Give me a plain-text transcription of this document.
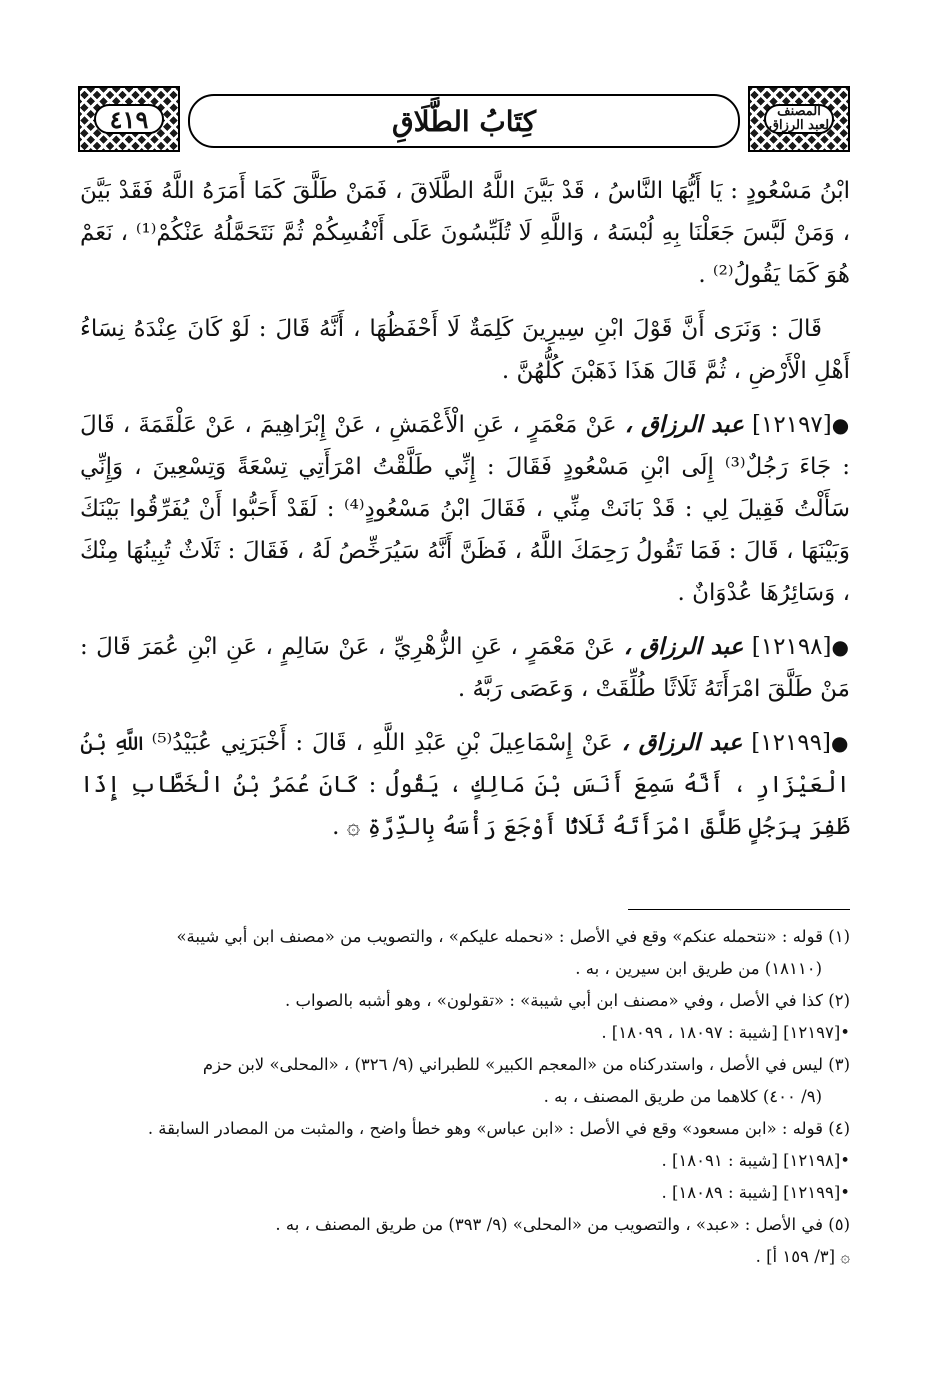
٤١٩	كِتَابُ الطَّلَاقِ	المصنف لعبد الرزاق

ابْنُ مَسْعُودٍ : يَا أَيُّهَا النَّاسُ ، قَدْ بَيَّنَ اللَّهُ الطَّلَاقَ ، فَمَنْ طَلَّقَ كَمَا أَمَرَهُ اللَّهُ فَقَدْ بَيَّنَ ، وَمَنْ لَبَّسَ جَعَلْنَا بِهِ لُبْسَهُ ، وَاللَّهِ لَا تُلَبِّسُونَ عَلَى أَنْفُسِكُمْ ثُمَّ نَتَحَمَّلُهُ عَنْكُمْ⁽¹⁾ ، نَعَمْ هُوَ كَمَا يَقُولُ⁽²⁾ .

قَالَ : وَنَرَى أَنَّ قَوْلَ ابْنِ سِيرِينَ كَلِمَةٌ لَا أَحْفَظُهَا ، أَنَّهُ قَالَ : لَوْ كَانَ عِنْدَهُ نِسَاءُ أَهْلِ الْأَرْضِ ، ثُمَّ قَالَ هَذَا ذَهَبْنَ كُلُّهُنَّ .

●[١٢١٩٧] عبد الرزاق ، عَنْ مَعْمَرٍ ، عَنِ الْأَعْمَشِ ، عَنْ إِبْرَاهِيمَ ، عَنْ عَلْقَمَةَ ، قَالَ : جَاءَ رَجُلٌ⁽³⁾ إِلَى ابْنِ مَسْعُودٍ فَقَالَ : إِنِّي طَلَّقْتُ امْرَأَتِي تِسْعَةً وَتِسْعِينَ ، وَإِنِّي سَأَلْتُ فَقِيلَ لِي : قَدْ بَانَتْ مِنِّي ، فَقَالَ ابْنُ مَسْعُودٍ⁽⁴⁾ : لَقَدْ أَحَبُّوا أَنْ يُفَرِّقُوا بَيْنَكَ وَبَيْنَهَا ، قَالَ : فَمَا تَقُولُ رَحِمَكَ اللَّهُ ، فَظَنَّ أَنَّهُ سَيُرَخِّصُ لَهُ ، فَقَالَ : ثَلَاثٌ تُبِينُهَا مِنْكَ ، وَسَائِرُهَا عُدْوَانٌ .

●[١٢١٩٨] عبد الرزاق ، عَنْ مَعْمَرٍ ، عَنِ الزُّهْرِيِّ ، عَنْ سَالِمٍ ، عَنِ ابْنِ عُمَرَ قَالَ : مَنْ طَلَّقَ امْرَأَتَهُ ثَلَاثًا طُلِّقَتْ ، وَعَصَى رَبَّهُ .

●[١٢١٩٩] عبد الرزاق ، عَنْ إِسْمَاعِيلَ بْنِ عَبْدِ اللَّهِ ، قَالَ : أَخْبَرَنِي عُبَيْدُ⁽⁵⁾ اللَّهِ بْنُ الْعَيْزَارِ ، أَنَّهُ سَمِعَ أَنَسَ بْنَ مَالِكٍ ، يَقُولُ : كَانَ عُمَرُ بْنُ الْخَطَّابِ إِذَا ظَفِرَ بِرَجُلٍ طَلَّقَ امْرَأَتَهُ ثَلَاثًا أَوْجَعَ رَأْسَهُ بِالدِّرَّةِ ۞ .

(١) قوله : «نتحمله عنكم» وقع في الأصل : «نحمله عليكم» ، والتصويب من «مصنف ابن أبي شيبة»
(١٨١١٠) من طريق ابن سيرين ، به .
(٢) كذا في الأصل ، وفي «مصنف ابن أبي شيبة» : «تقولون» ، وهو أشبه بالصواب .
•[١٢١٩٧] [شيبة : ١٨٠٩٧ ، ١٨٠٩٩] .
(٣) ليس في الأصل ، واستدركناه من «المعجم الكبير» للطبراني (٩/ ٣٢٦) ، «المحلى» لابن حزم
(٩/ ٤٠٠) كلاهما من طريق المصنف ، به .
(٤) قوله : «ابن مسعود» وقع في الأصل : «ابن عباس» وهو خطأ واضح ، والمثبت من المصادر السابقة .
•[١٢١٩٨] [شيبة : ١٨٠٩١] .
•[١٢١٩٩] [شيبة : ١٨٠٨٩] .
(٥) في الأصل : «عبد» ، والتصويب من «المحلى» (٩/ ٣٩٣) من طريق المصنف ، به .
۞ [٣/ ١٥٩ أ] .
